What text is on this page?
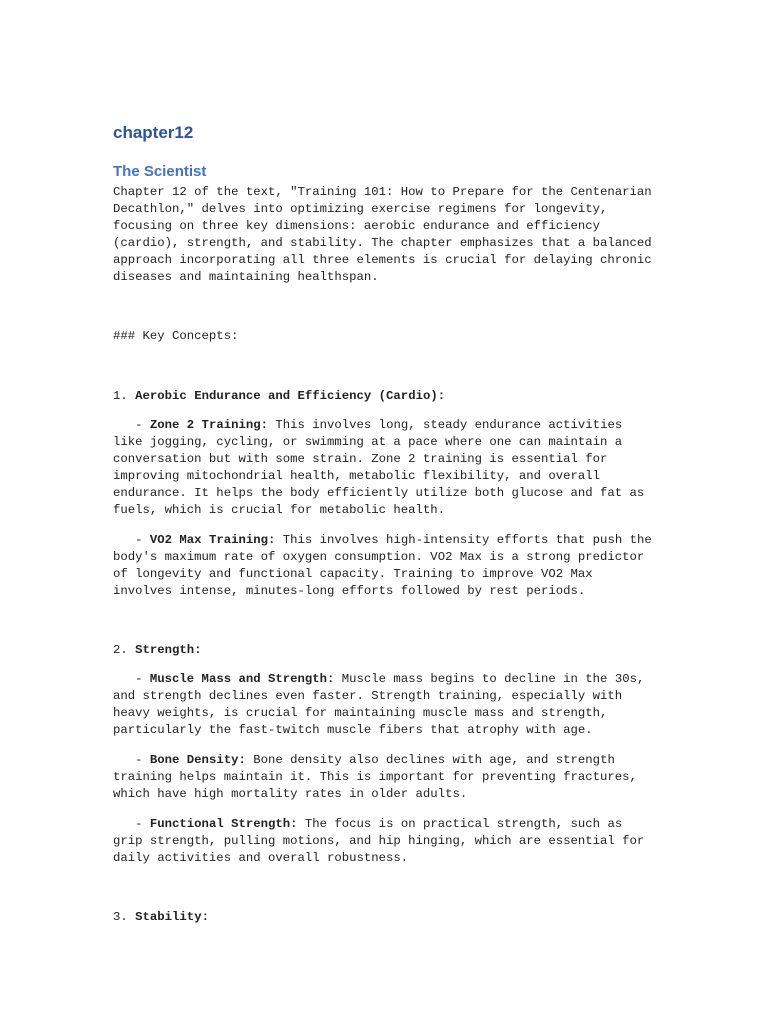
chapter12
The Scientist

Chapter 12 of the text, "Training 101: How to Prepare for the Centenarian Decathlon," delves into optimizing exercise regimens for longevity, focusing on three key dimensions: aerobic endurance and efficiency (cardio), strength, and stability. The chapter emphasizes that a balanced approach incorporating all three elements is crucial for delaying chronic diseases and maintaining healthspan.

### Key Concepts:

1. Aerobic Endurance and Efficiency (Cardio):

- Zone 2 Training: This involves long, steady endurance activities like jogging, cycling, or swimming at a pace where one can maintain a conversation but with some strain. Zone 2 training is essential for improving mitochondrial health, metabolic flexibility, and overall endurance. It helps the body efficiently utilize both glucose and fat as fuels, which is crucial for metabolic health.

- VO2 Max Training: This involves high-intensity efforts that push the body's maximum rate of oxygen consumption. VO2 Max is a strong predictor of longevity and functional capacity. Training to improve VO2 Max involves intense, minutes-long efforts followed by rest periods.

2. Strength:

- Muscle Mass and Strength: Muscle mass begins to decline in the 30s, and strength declines even faster. Strength training, especially with heavy weights, is crucial for maintaining muscle mass and strength, particularly the fast-twitch muscle fibers that atrophy with age.

- Bone Density: Bone density also declines with age, and strength training helps maintain it. This is important for preventing fractures, which have high mortality rates in older adults.

- Functional Strength: The focus is on practical strength, such as grip strength, pulling motions, and hip hinging, which are essential for daily activities and overall robustness.

3. Stability:
